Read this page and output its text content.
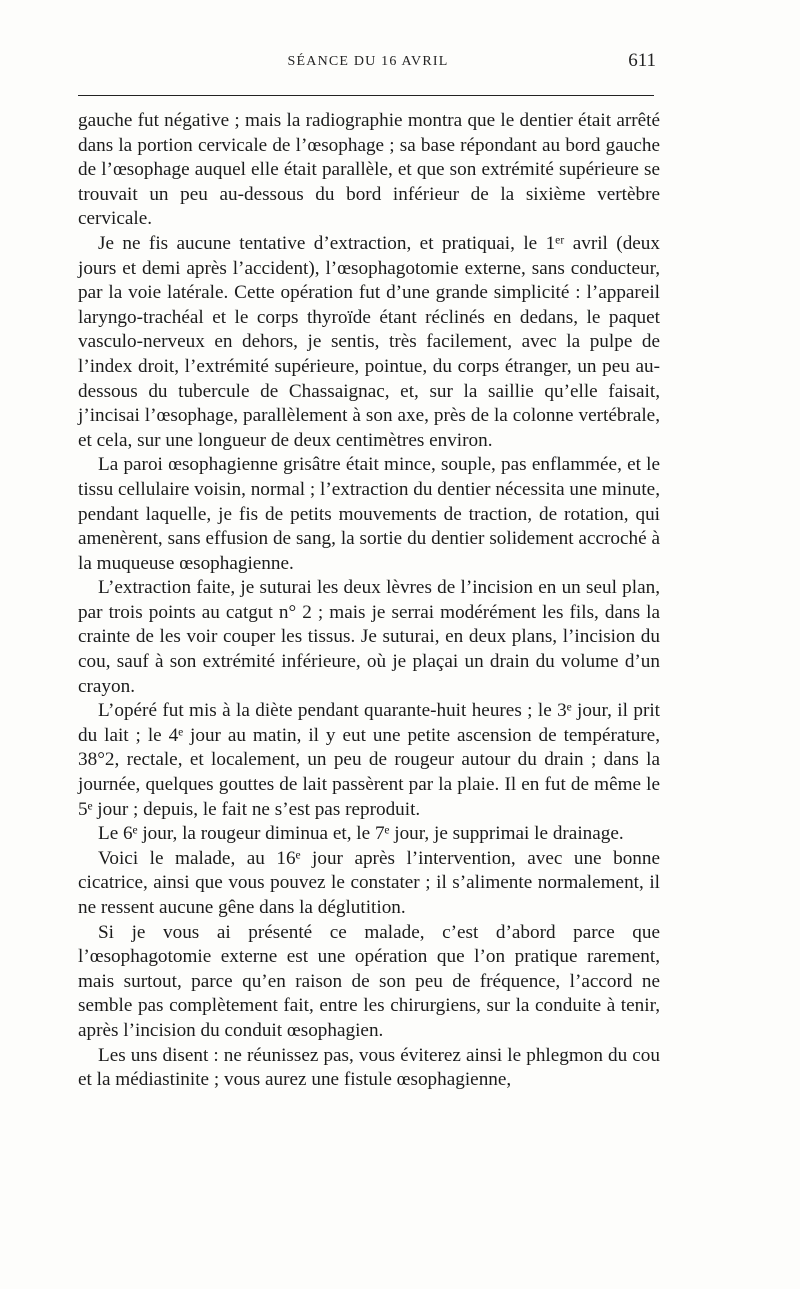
SÉANCE DU 16 AVRIL	611

gauche fut négative ; mais la radiographie montra que le dentier était arrêté dans la portion cervicale de l’œsophage ; sa base répondant au bord gauche de l’œsophage auquel elle était parallèle, et que son extrémité supérieure se trouvait un peu au-dessous du bord inférieur de la sixième vertèbre cervicale.

Je ne fis aucune tentative d’extraction, et pratiquai, le 1ᵉʳ avril (deux jours et demi après l’accident), l’œsophagotomie externe, sans conducteur, par la voie latérale. Cette opération fut d’une grande simplicité : l’appareil laryngo-trachéal et le corps thyroïde étant réclinés en dedans, le paquet vasculo-nerveux en dehors, je sentis, très facilement, avec la pulpe de l’index droit, l’extrémité supérieure, pointue, du corps étranger, un peu au-dessous du tubercule de Chassaignac, et, sur la saillie qu’elle faisait, j’incisai l’œsophage, parallèlement à son axe, près de la colonne vertébrale, et cela, sur une longueur de deux centimètres environ.

La paroi œsophagienne grisâtre était mince, souple, pas enflammée, et le tissu cellulaire voisin, normal ; l’extraction du dentier nécessita une minute, pendant laquelle, je fis de petits mouvements de traction, de rotation, qui amenèrent, sans effusion de sang, la sortie du dentier solidement accroché à la muqueuse œsophagienne.

L’extraction faite, je suturai les deux lèvres de l’incision en un seul plan, par trois points au catgut n° 2 ; mais je serrai modérément les fils, dans la crainte de les voir couper les tissus. Je suturai, en deux plans, l’incision du cou, sauf à son extrémité inférieure, où je plaçai un drain du volume d’un crayon.

L’opéré fut mis à la diète pendant quarante-huit heures ; le 3ᵉ jour, il prit du lait ; le 4ᵉ jour au matin, il y eut une petite ascension de température, 38°2, rectale, et localement, un peu de rougeur autour du drain ; dans la journée, quelques gouttes de lait passèrent par la plaie. Il en fut de même le 5ᵉ jour ; depuis, le fait ne s’est pas reproduit.

Le 6ᵉ jour, la rougeur diminua et, le 7ᵉ jour, je supprimai le drainage.

Voici le malade, au 16ᵉ jour après l’intervention, avec une bonne cicatrice, ainsi que vous pouvez le constater ; il s’alimente normalement, il ne ressent aucune gêne dans la déglutition.

Si je vous ai présenté ce malade, c’est d’abord parce que l’œsophagotomie externe est une opération que l’on pratique rarement, mais surtout, parce qu’en raison de son peu de fréquence, l’accord ne semble pas complètement fait, entre les chirurgiens, sur la conduite à tenir, après l’incision du conduit œsophagien.

Les uns disent : ne réunissez pas, vous éviterez ainsi le phlegmon du cou et la médiastinite ; vous aurez une fistule œsophagienne,
